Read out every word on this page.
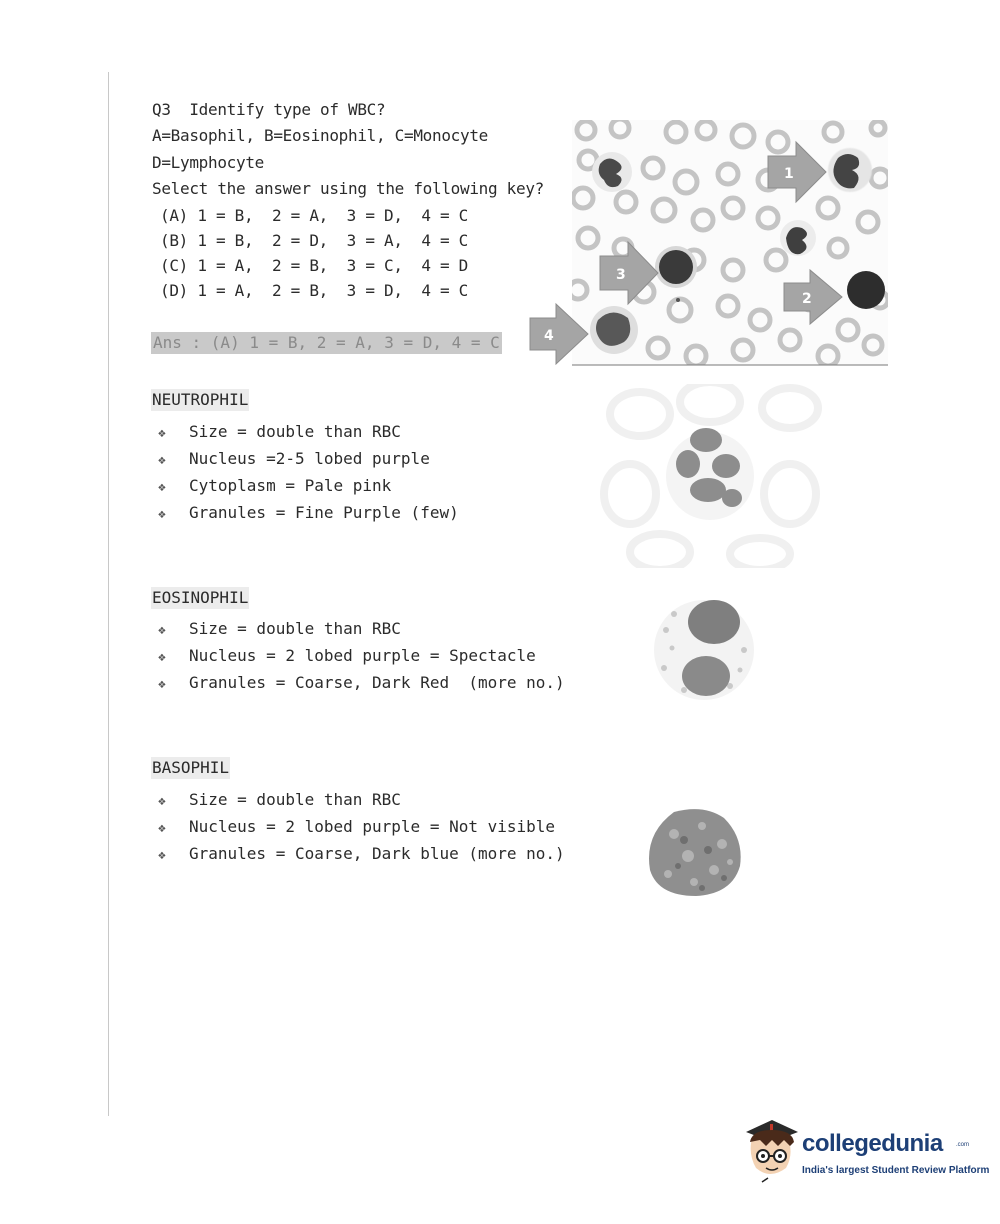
Q3  Identify type of WBC?
A=Basophil, B=Eosinophil, C=Monocyte
D=Lymphocyte
Select the answer using the following key?
(A) 1 = B,  2 = A,  3 = D,  4 = C
(B) 1 = B,  2 = D,  3 = A,  4 = C
(C) 1 = A,  2 = B,  3 = C,  4 = D
(D) 1 = A,  2 = B,  3 = D,  4 = C
Ans : (A) 1 = B, 2 = A, 3 = D, 4 = C
1
2
3
4
NEUTROPHIL
❖ Size = double than RBC
❖ Nucleus =2-5 lobed purple
❖ Cytoplasm = Pale pink
❖ Granules = Fine Purple (few)
EOSINOPHIL
❖ Size = double than RBC
❖ Nucleus = 2 lobed purple = Spectacle
❖ Granules = Coarse, Dark Red  (more no.)
BASOPHIL
❖ Size = double than RBC
❖ Nucleus = 2 lobed purple = Not visible
❖ Granules = Coarse, Dark blue (more no.)
collegedunia .com
India's largest Student Review Platform
